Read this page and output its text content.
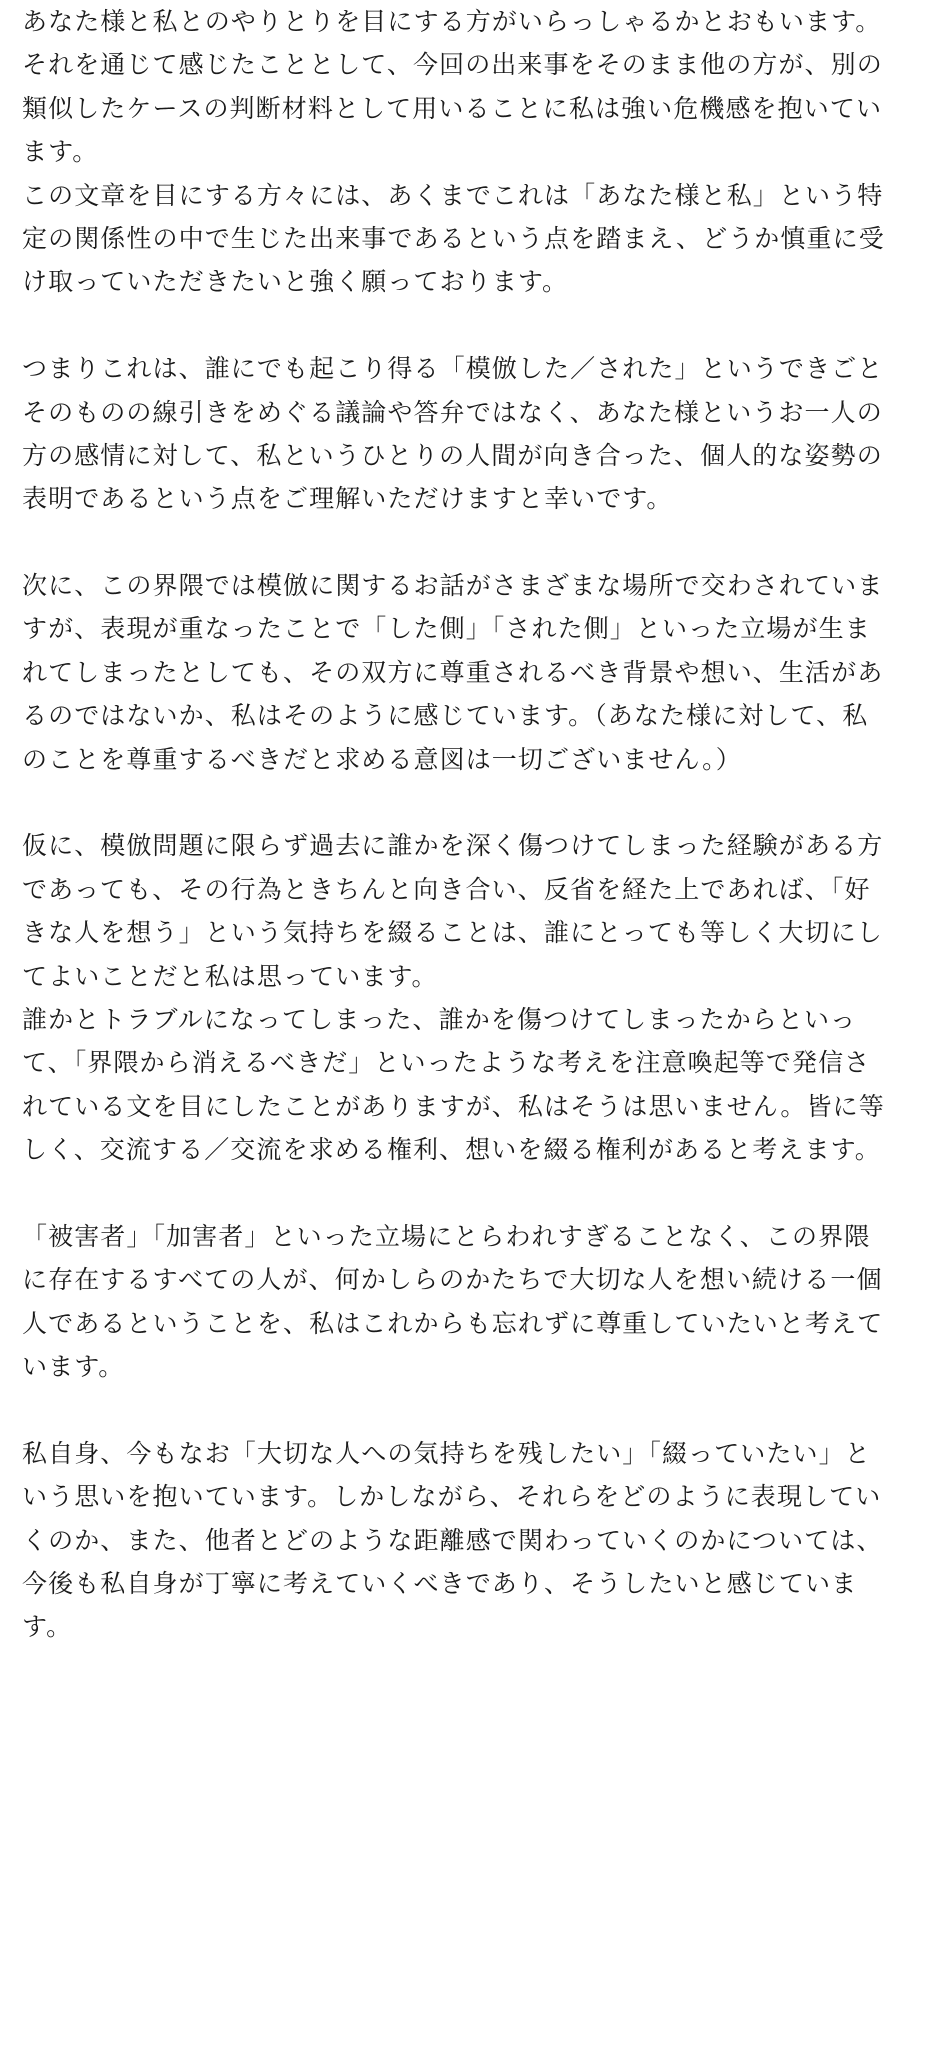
あなた様と私とのやりとりを目にする方がいらっしゃるかとおもいます。
それを通じて感じたこととして、今回の出来事をそのまま他の方が、別の
類似したケースの判断材料として用いることに私は強い危機感を抱いてい
ます。
この文章を目にする方々には、あくまでこれは「あなた様と私」という特
定の関係性の中で生じた出来事であるという点を踏まえ、どうか慎重に受
け取っていただきたいと強く願っております。
つまりこれは、誰にでも起こり得る「模倣した／された」というできごと
そのものの線引きをめぐる議論や答弁ではなく、あなた様というお一人の
方の感情に対して、私というひとりの人間が向き合った、個人的な姿勢の
表明であるという点をご理解いただけますと幸いです。
次に、この界隈では模倣に関するお話がさまざまな場所で交わされていま
すが、表現が重なったことで「した側」「された側」といった立場が生ま
れてしまったとしても、その双方に尊重されるべき背景や想い、生活があ
るのではないか、私はそのように感じています。（あなた様に対して、私
のことを尊重するべきだと求める意図は一切ございません。）
仮に、模倣問題に限らず過去に誰かを深く傷つけてしまった経験がある方
であっても、その行為ときちんと向き合い、反省を経た上であれば、「好
きな人を想う」という気持ちを綴ることは、誰にとっても等しく大切にし
てよいことだと私は思っています。
誰かとトラブルになってしまった、誰かを傷つけてしまったからといっ
て、「界隈から消えるべきだ」といったような考えを注意喚起等で発信さ
れている文を目にしたことがありますが、私はそうは思いません。皆に等
しく、交流する／交流を求める権利、想いを綴る権利があると考えます。
「被害者」「加害者」といった立場にとらわれすぎることなく、この界隈
に存在するすべての人が、何かしらのかたちで大切な人を想い続ける一個
人であるということを、私はこれからも忘れずに尊重していたいと考えて
います。
私自身、今もなお「大切な人への気持ちを残したい」「綴っていたい」と
いう思いを抱いています。しかしながら、それらをどのように表現してい
くのか、また、他者とどのような距離感で関わっていくのかについては、
今後も私自身が丁寧に考えていくべきであり、そうしたいと感じていま
す。
